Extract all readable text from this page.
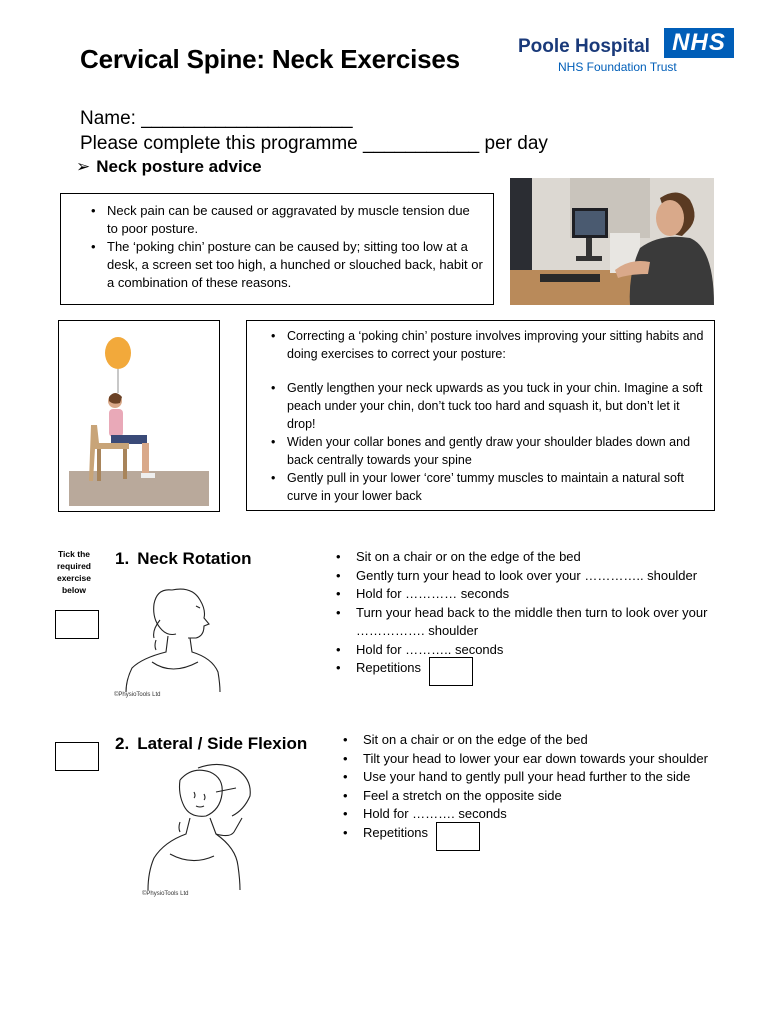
Cervical Spine: Neck Exercises	Poole Hospital NHS
NHS Foundation Trust
Name: ____________________
Please complete this programme ___________ per day
➢ Neck posture advice
• Neck pain can be caused or aggravated by muscle tension due to poor posture.
• The ‘poking chin’ posture can be caused by; sitting too low at a desk, a screen set too high, a hunched or slouched back, habit or a combination of these reasons.
• Correcting a ‘poking chin’ posture involves improving your sitting habits and doing exercises to correct your posture:
• Gently lengthen your neck upwards as you tuck in your chin. Imagine a soft peach under your chin, don’t tuck too hard and squash it, but don’t let it drop!
• Widen your collar bones and gently draw your shoulder blades down and back centrally towards your spine
• Gently pull in your lower ‘core’ tummy muscles to maintain a natural soft curve in your lower back
Tick the required exercise below
1. Neck Rotation
©PhysioTools Ltd
• Sit on a chair or on the edge of the bed
• Gently turn your head to look over your ………….. shoulder
• Hold for ………… seconds
• Turn your head back to the middle then turn to look over your ……………. shoulder
• Hold for ……….. seconds
• Repetitions
2. Lateral / Side Flexion
©PhysioTools Ltd
• Sit on a chair or on the edge of the bed
• Tilt your head to lower your ear down towards your shoulder
• Use your hand to gently pull your head further to the side
• Feel a stretch on the opposite side
• Hold for ………. seconds
• Repetitions
